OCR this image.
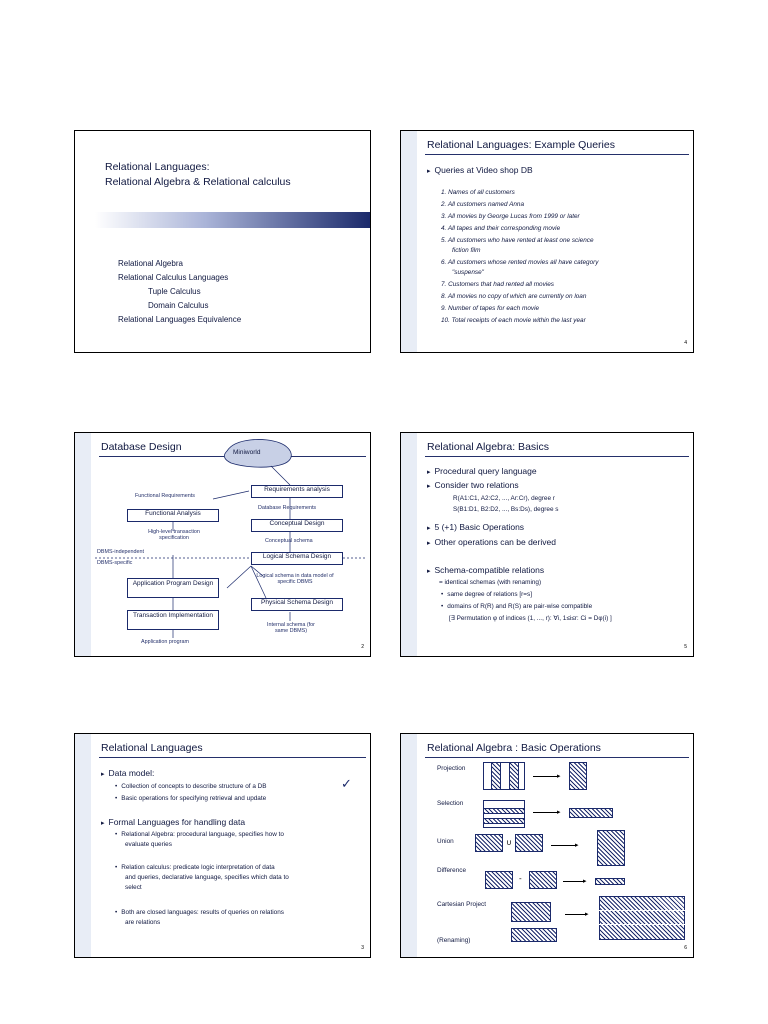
Relational Languages:
Relational Algebra & Relational calculus
Relational Algebra
Relational Calculus Languages
Tuple Calculus
Domain Calculus
Relational Languages Equivalence
Relational Languages: Example Queries
▸ Queries at Video shop DB
1. Names of all customers
2. All customers named Anna
3. All movies by George Lucas from 1999 or later
4. All tapes and their corresponding movie
5. All customers who have rented at least one science
fiction film
6. All customers whose rented movies all have category
"suspense"
7. Customers that had rented all movies
8. All movies no copy of which are currently on loan
9. Number of tapes for each movie
10. Total receipts of each movie within the last year
4
Database Design	Miniworld
Requirements analysis
Functional Requirements
Database Requirements
Functional Analysis
Conceptual Design
High-level transaction specification	Conceptual schema
DBMS-independent
Logical Schema Design
DBMS-specific
Logical schema in data model of specific DBMS
Application Program Design
Physical Schema Design
Transaction Implementation
Internal schema (for same DBMS)
Application program
2
Relational Algebra: Basics
▸ Procedural query language
▸ Consider two relations
R(A1:C1, A2:C2, ..., Ar:Cr), degree r
S(B1:D1, B2:D2, ..., Bs:Ds), degree s
▸ 5 (+1) Basic Operations
▸ Other operations can be derived
▸ Schema-compatible relations
= identical schemas (with renaming)
• same degree of relations [r=s]
• domains of R(R) and R(S) are pair-wise compatible
[∃ Permutation φ of indices (1, ..., r): ∀i, 1≤i≤r: Ci = Dφ(i) ]
5
Relational Languages
▸ Data model:
• Collection of concepts to describe structure of a DB	✓
• Basic operations for specifying retrieval and update
▸ Formal Languages for handling data
• Relational Algebra: procedural language, specifies how to
evaluate queries
• Relation calculus: predicate logic interpretation of data
and queries, declarative language, specifies which data to
select
• Both are closed languages: results of queries on relations
are relations
3
Relational Algebra : Basic Operations
Projection
▸
Selection
▸
Union	∪	▸
Difference
-	▸
Cartesian Project
▸
(Renaming)
6
